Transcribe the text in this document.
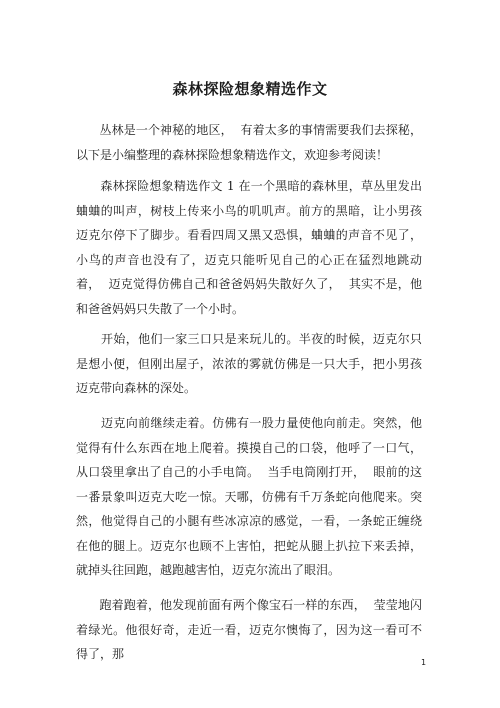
森林探险想象精选作文
丛林是一个神秘的地区，  有着太多的事情需要我们去探秘，  以下是小编整理的森林探险想象精选作文，欢迎参考阅读！
森林探险想象精选作文 1 在一个黑暗的森林里，草丛里发出蛐蛐的叫声，树枝上传来小鸟的叽叽声。前方的黑暗，让小男孩迈克尔停下了脚步。看看四周又黑又恐惧，蛐蛐的声音不见了，小鸟的声音也没有了，迈克只能听见自己的心正在猛烈地跳动着，  迈克觉得仿佛自己和爸爸妈妈失散好久了，  其实不是，他和爸爸妈妈只失散了一个小时。
开始，他们一家三口只是来玩儿的。半夜的时候，迈克尔只是想小便，但刚出屋子，浓浓的雾就仿佛是一只大手，把小男孩迈克带向森林的深处。
迈克向前继续走着。仿佛有一股力量使他向前走。突然，他觉得有什么东西在地上爬着。摸摸自己的口袋，他呼了一口气，从口袋里拿出了自己的小手电筒。  当手电筒刚打开，  眼前的这一番景象叫迈克大吃一惊。天哪，仿佛有千万条蛇向他爬来。突然，他觉得自己的小腿有些冰凉凉的感觉，一看，一条蛇正缠绕在他的腿上。迈克尔也顾不上害怕，把蛇从腿上扒拉下来丢掉，就掉头往回跑，越跑越害怕，迈克尔流出了眼泪。
跑着跑着，他发现前面有两个像宝石一样的东西，  莹莹地闪着绿光。他很好奇，走近一看，迈克尔懊悔了，因为这一看可不得了，那
1
